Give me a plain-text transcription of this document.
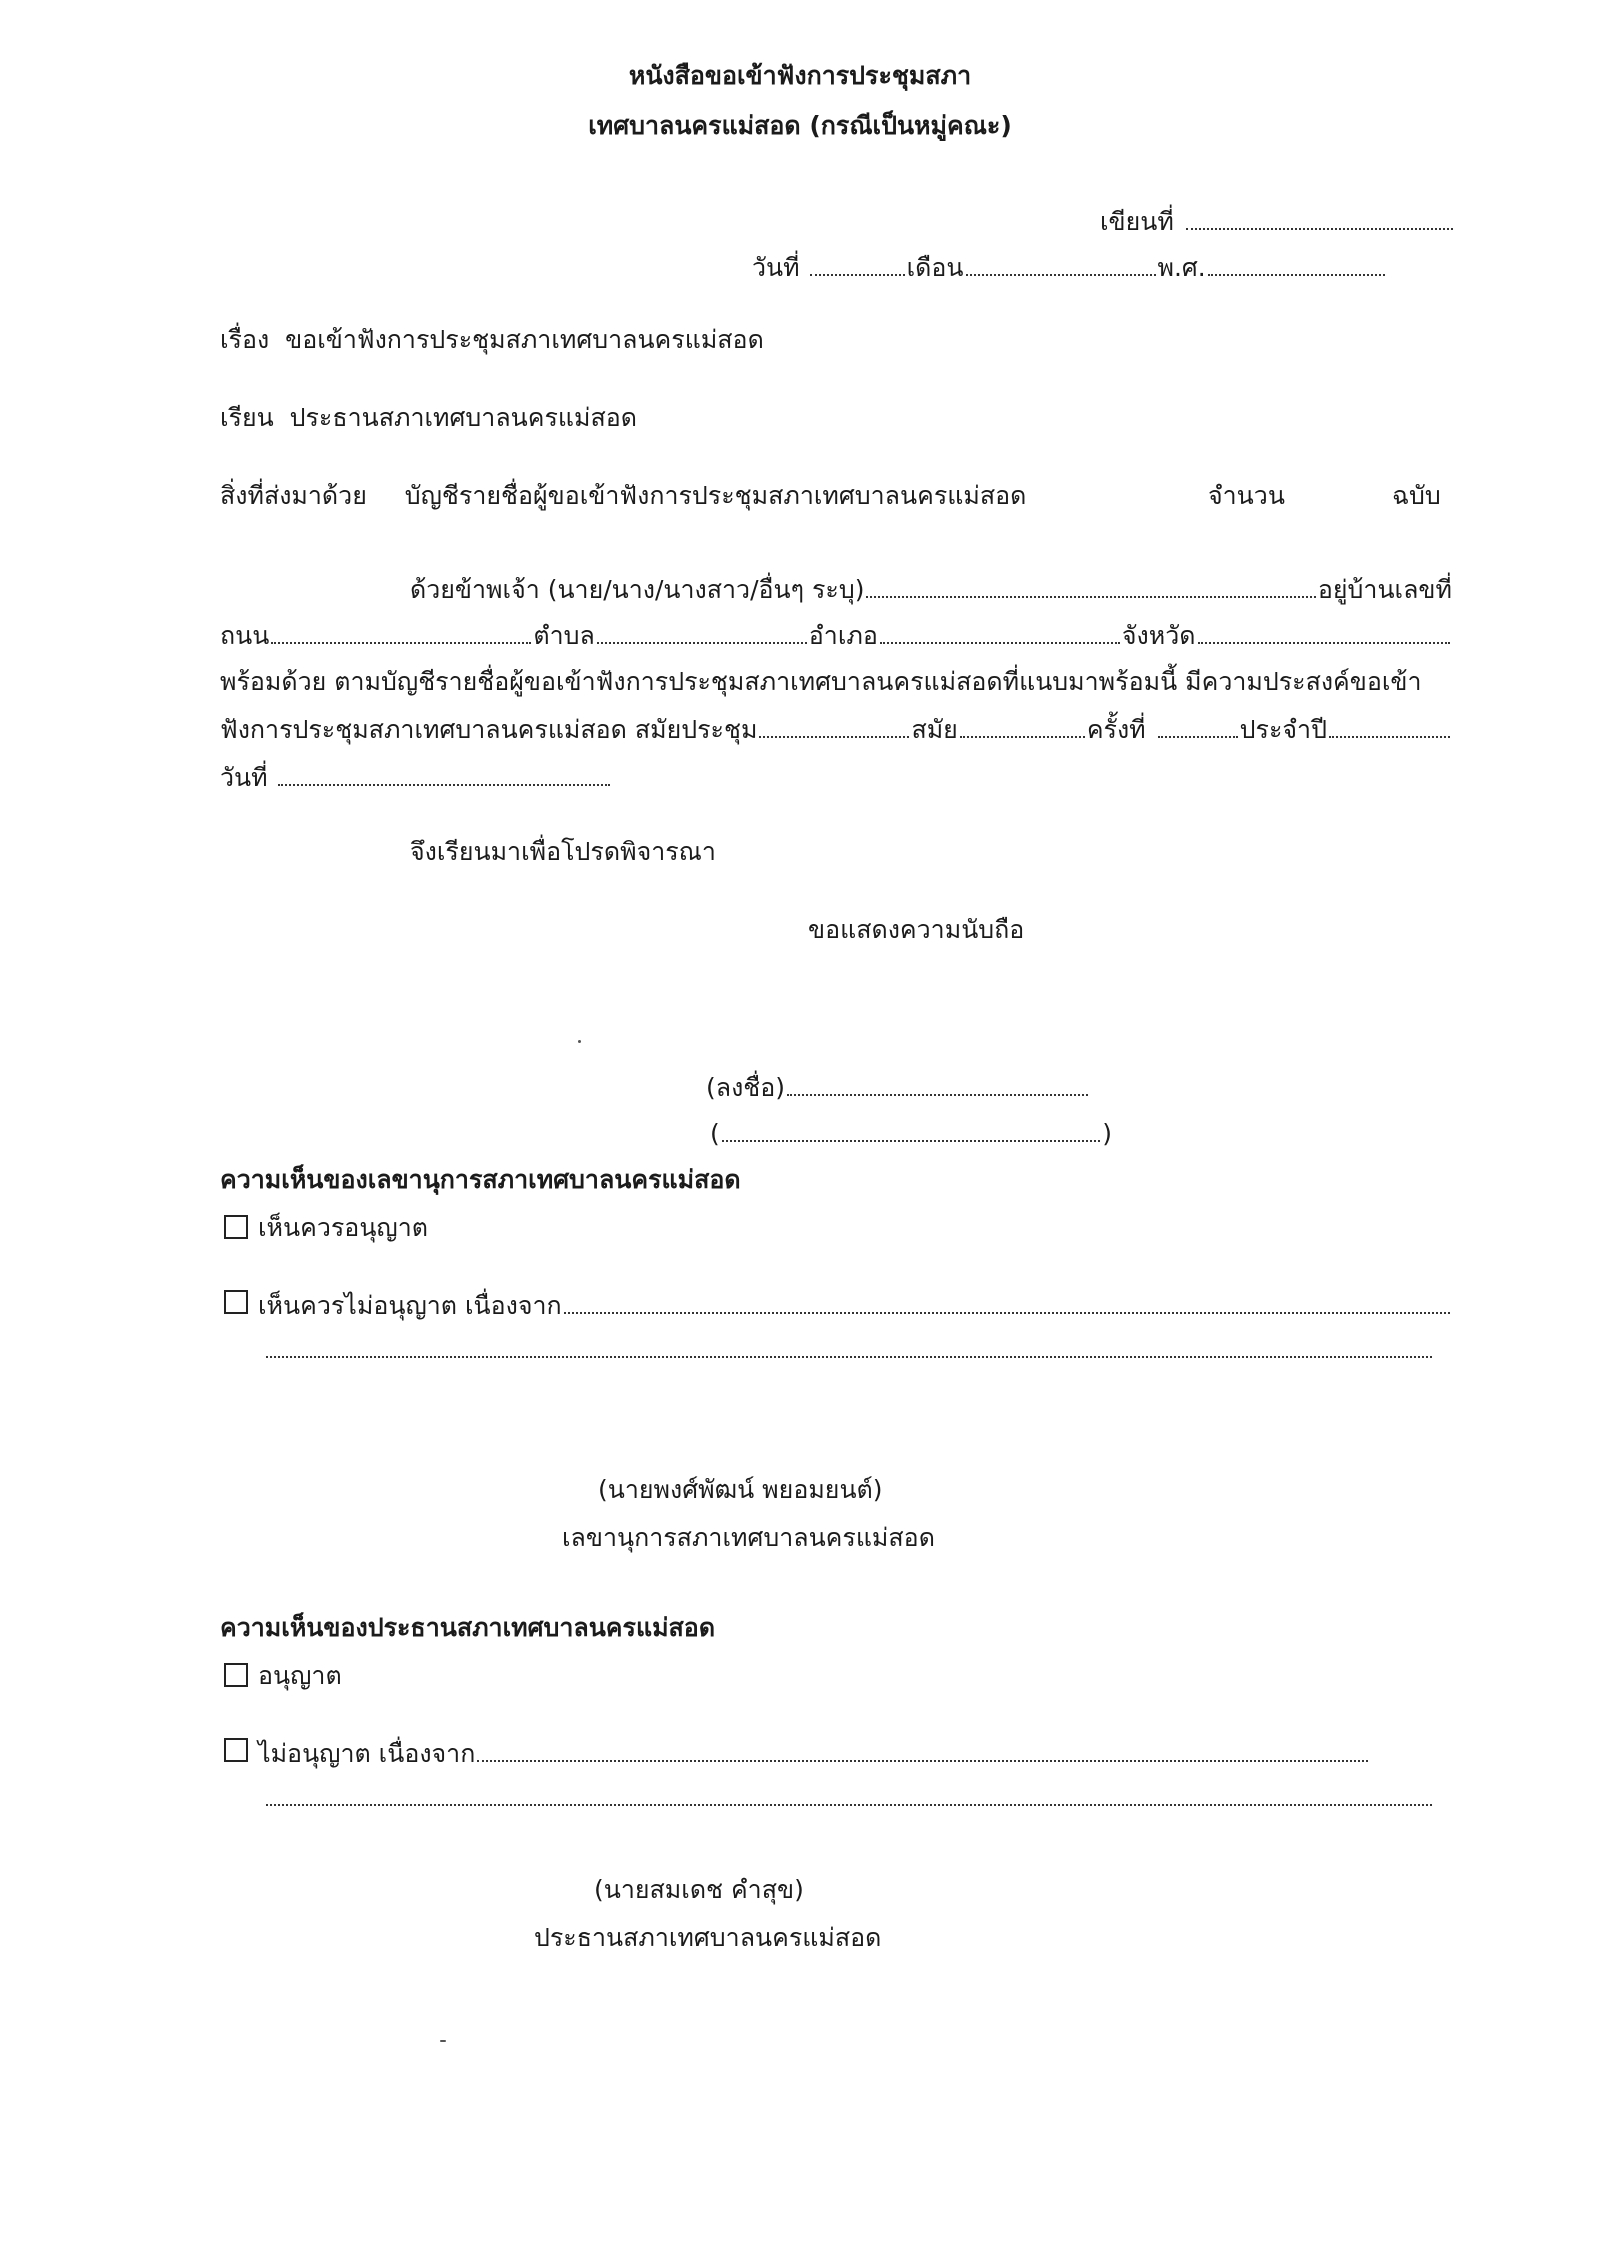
หนังสือขอเข้าฟังการประชุมสภา
เทศบาลนครแม่สอด (กรณีเป็นหมู่คณะ)
เขียนที่
วันที่	เดือน	พ.ศ.
เรื่อง ขอเข้าฟังการประชุมสภาเทศบาลนครแม่สอด
เรียน ประธานสภาเทศบาลนครแม่สอด
สิ่งที่ส่งมาด้วย บัญชีรายชื่อผู้ขอเข้าฟังการประชุมสภาเทศบาลนครแม่สอด	จำนวน	ฉบับ
ด้วยข้าพเจ้า (นาย/นาง/นางสาว/อื่นๆ ระบุ)	อยู่บ้านเลขที่
ถนน	ตำบล	อำเภอ	จังหวัด
พร้อมด้วย ตามบัญชีรายชื่อผู้ขอเข้าฟังการประชุมสภาเทศบาลนครแม่สอดที่แนบมาพร้อมนี้ มีความประสงค์ขอเข้า
ฟังการประชุมสภาเทศบาลนครแม่สอด สมัยประชุม	สมัย	ครั้งที่	ประจำปี
วันที่
จึงเรียนมาเพื่อโปรดพิจารณา
ขอแสดงความนับถือ
(ลงชื่อ)
(	)
ความเห็นของเลขานุการสภาเทศบาลนครแม่สอด
เห็นควรอนุญาต
เห็นควรไม่อนุญาต เนื่องจาก
(นายพงศ์พัฒน์ พยอมยนต์)
เลขานุการสภาเทศบาลนครแม่สอด
ความเห็นของประธานสภาเทศบาลนครแม่สอด
อนุญาต
ไม่อนุญาต เนื่องจาก
(นายสมเดช คำสุข)
ประธานสภาเทศบาลนครแม่สอด
